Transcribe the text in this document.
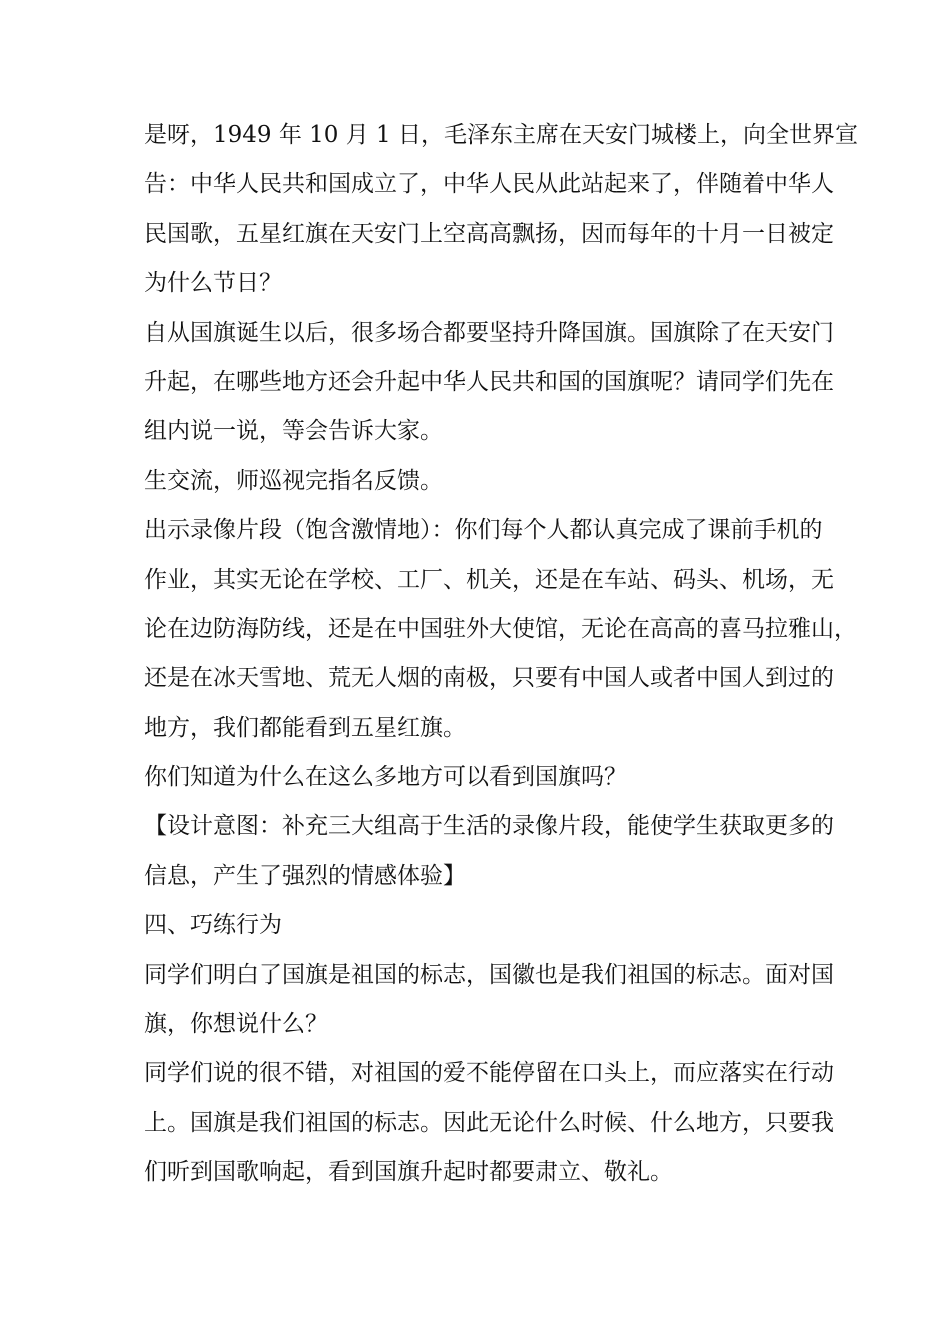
是呀，1949 年 10 月 1 日，毛泽东主席在天安门城楼上，向全世界宣
告：中华人民共和国成立了，中华人民从此站起来了，伴随着中华人
民国歌，五星红旗在天安门上空高高飘扬，因而每年的十月一日被定
为什么节日？
自从国旗诞生以后，很多场合都要坚持升降国旗。国旗除了在天安门
升起，在哪些地方还会升起中华人民共和国的国旗呢？请同学们先在
组内说一说，等会告诉大家。
生交流，师巡视完指名反馈。
出示录像片段（饱含激情地）：你们每个人都认真完成了课前手机的
作业，其实无论在学校、工厂、机关，还是在车站、码头、机场，无
论在边防海防线，还是在中国驻外大使馆，无论在高高的喜马拉雅山，
还是在冰天雪地、荒无人烟的南极，只要有中国人或者中国人到过的
地方，我们都能看到五星红旗。
你们知道为什么在这么多地方可以看到国旗吗？
【设计意图：补充三大组高于生活的录像片段，能使学生获取更多的
信息，产生了强烈的情感体验】
四、巧练行为
同学们明白了国旗是祖国的标志，国徽也是我们祖国的标志。面对国
旗，你想说什么？
同学们说的很不错，对祖国的爱不能停留在口头上，而应落实在行动
上。国旗是我们祖国的标志。因此无论什么时候、什么地方，只要我
们听到国歌响起，看到国旗升起时都要肃立、敬礼。
